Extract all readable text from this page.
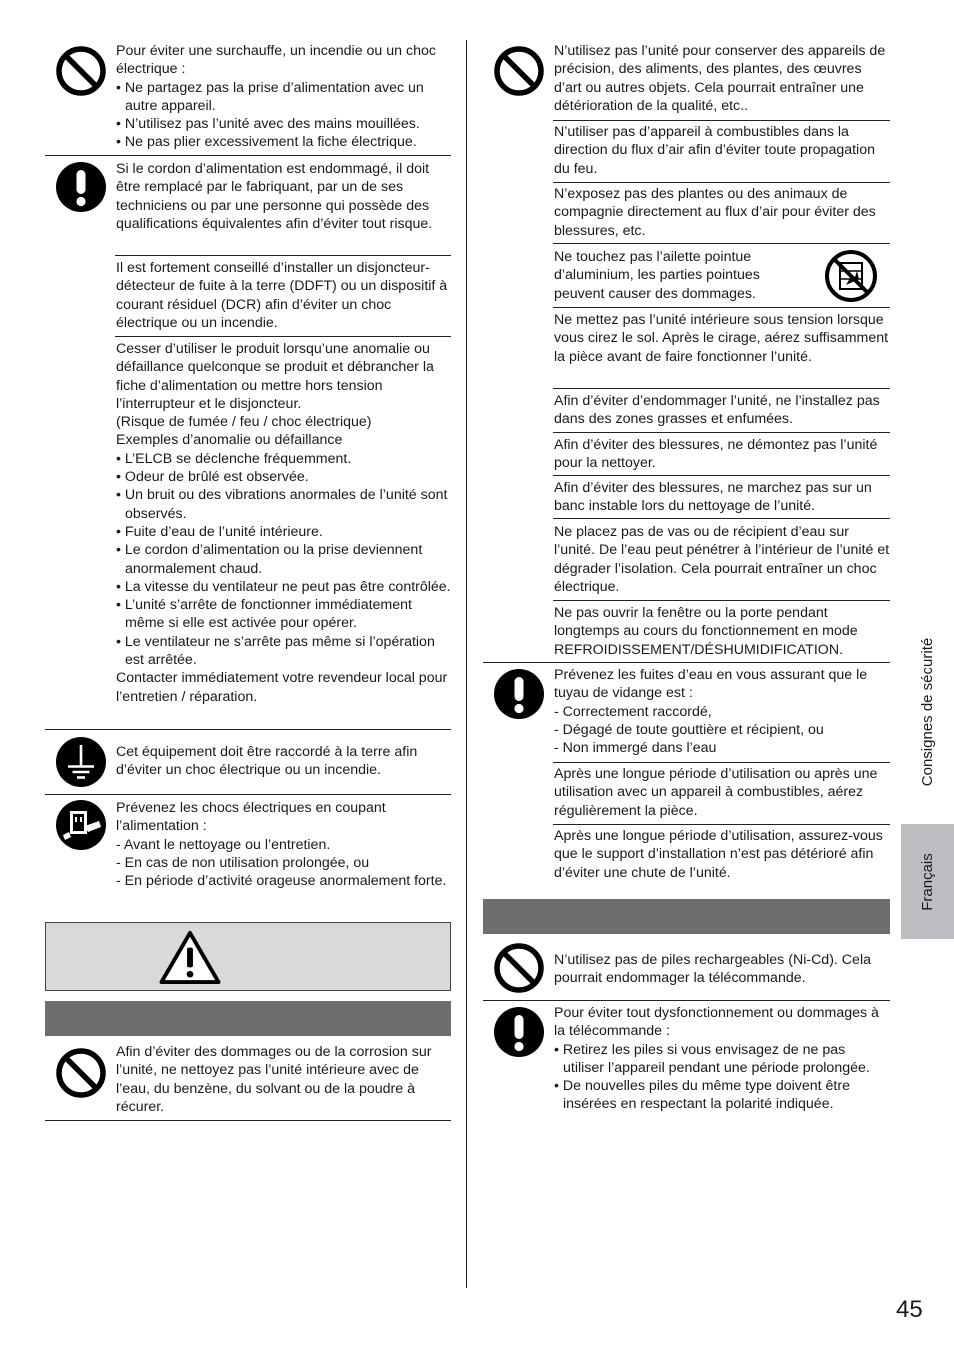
Pour éviter une surchauffe, un incendie ou un choc électrique :

• Ne partagez pas la prise d’alimentation avec un autre appareil.
• N’utilisez pas l’unité avec des mains mouillées.
• Ne pas plier excessivement la fiche électrique.

Si le cordon d’alimentation est endommagé, il doit être remplacé par le fabriquant, par un de ses techniciens ou par une personne qui possède des qualifications équivalentes afin d’éviter tout risque.

Il est fortement conseillé d’installer un disjoncteur-détecteur de fuite à la terre (DDFT) ou un dispositif à courant résiduel (DCR) afin d’éviter un choc électrique ou un incendie.

Cesser d’utiliser le produit lorsqu’une anomalie ou défaillance quelconque se produit et débrancher la fiche d’alimentation ou mettre hors tension l’interrupteur et le disjoncteur.

(Risque de fumée / feu / choc électrique)

Exemples d’anomalie ou défaillance

• L’ELCB se déclenche fréquemment.
• Odeur de brûlé est observée.
• Un bruit ou des vibrations anormales de l’unité sont observés.
• Fuite d’eau de l’unité intérieure.
• Le cordon d’alimentation ou la prise deviennent anormalement chaud.
• La vitesse du ventilateur ne peut pas être contrôlée.
• L’unité s’arrête de fonctionner immédiatement même si elle est activée pour opérer.
• Le ventilateur ne s’arrête pas même si l’opération est arrêtée.

Contacter immédiatement votre revendeur local pour l’entretien / réparation.

Cet équipement doit être raccordé à la terre afin d’éviter un choc électrique ou un incendie.

Prévenez les chocs électriques en coupant l’alimentation :

- Avant le nettoyage ou l’entretien.
- En cas de non utilisation prolongée, ou
- En période d’activité orageuse anormalement forte.

Afin d’éviter des dommages ou de la corrosion sur l’unité, ne nettoyez pas l’unité intérieure avec de l’eau, du benzène, du solvant ou de la poudre à récurer.

N’utilisez pas l’unité pour conserver des appareils de précision, des aliments, des plantes, des œuvres d’art ou autres objets. Cela pourrait entraîner une détérioration de la qualité, etc..

N’utiliser pas d’appareil à combustibles dans la direction du flux d’air afin d’éviter toute propagation du feu.

N’exposez pas des plantes ou des animaux de compagnie directement au flux d’air pour éviter des blessures, etc.

Ne touchez pas l’ailette pointue d’aluminium, les parties pointues peuvent causer des dommages.

Ne mettez pas l’unité intérieure sous tension lorsque vous cirez le sol. Après le cirage, aérez suffisamment la pièce avant de faire fonctionner l’unité.

Afin d’éviter d’endommager l’unité, ne l’installez pas dans des zones grasses et enfumées.

Afin d’éviter des blessures, ne démontez pas l’unité pour la nettoyer.

Afin d’éviter des blessures, ne marchez pas sur un banc instable lors du nettoyage de l’unité.

Ne placez pas de vas ou de récipient d’eau sur l’unité. De l’eau peut pénétrer à l’intérieur de l’unité et dégrader l’isolation. Cela pourrait entraîner un choc électrique.

Ne pas ouvrir la fenêtre ou la porte pendant longtemps au cours du fonctionnement en mode REFROIDISSEMENT/DÉSHUMIDIFICATION.

Prévenez les fuites d’eau en vous assurant que le tuyau de vidange est :

- Correctement raccordé,
- Dégagé de toute gouttière et récipient, ou
- Non immergé dans l’eau

Après une longue période d’utilisation ou après une utilisation avec un appareil à combustibles, aérez régulièrement la pièce.

Après une longue période d’utilisation, assurez-vous que le support d’installation n’est pas détérioré afin d’éviter une chute de l’unité.

N’utilisez pas de piles rechargeables (Ni-Cd). Cela pourrait endommager la télécommande.

Pour éviter tout dysfonctionnement ou dommages à la télécommande :

• Retirez les piles si vous envisagez de ne pas utiliser l’appareil pendant une période prolongée.
• De nouvelles piles du même type doivent être insérées en respectant la polarité indiquée.
Consignes de sécurité
Français
45
